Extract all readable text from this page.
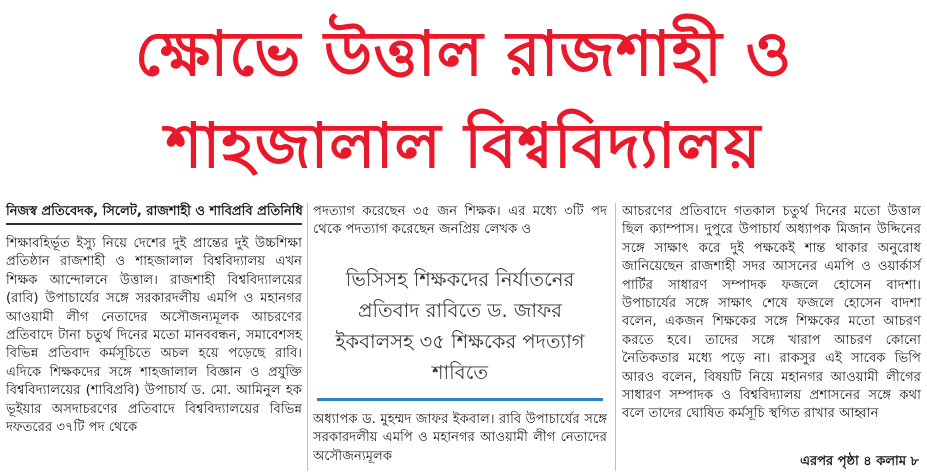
ক্ষোভে উত্তাল রাজশাহী ও
শাহজালাল বিশ্ববিদ্যালয়
নিজস্ব প্রতিবেদক, সিলেট, রাজশাহী ও শাবিপ্রবি প্রতিনিধি

শিক্ষাবহির্ভূত ইস্যু নিয়ে দেশের দুই প্রান্তের দুই উচ্চশিক্ষা প্রতিষ্ঠান রাজশাহী ও শাহজালাল বিশ্ববিদ্যালয় এখন শিক্ষক আন্দোলনে উত্তাল। রাজশাহী বিশ্ববিদ্যালয়ের (রাবি) উপাচার্যের সঙ্গে সরকারদলীয় এমপি ও মহানগর আওয়ামী লীগ নেতাদের অসৌজন্যমূলক আচরণের প্রতিবাদে টানা চতুর্থ দিনের মতো মানববন্ধন, সমাবেশসহ বিভিন্ন প্রতিবাদ কর্মসূচিতে অচল হয়ে পড়েছে রাবি। এদিকে শিক্ষকদের সঙ্গে শাহজালাল বিজ্ঞান ও প্রযুক্তি বিশ্ববিদ্যালয়ের (শাবিপ্রবি) উপাচার্য ড. মো. আমিনুল হক ভূইয়ার অসদাচরণের প্রতিবাদে বিশ্ববিদ্যালয়ের বিভিন্ন দফতরের ৩৭টি পদ থেকে

পদত্যাগ করেছেন ৩৫ জন শিক্ষক। এর মধ্যে ৩টি পদ থেকে পদত্যাগ করেছেন জনপ্রিয় লেখক ও

ভিসিসহ শিক্ষকদের নির্যাতনের প্রতিবাদ রাবিতে ড. জাফর ইকবালসহ ৩৫ শিক্ষকের পদত্যাগ শাবিতে

অধ্যাপক ড. মুহম্মদ জাফর ইকবাল। রাবি উপাচার্যের সঙ্গে সরকারদলীয় এমপি ও মহানগর আওয়ামী লীগ নেতাদের অসৌজন্যমূলক

আচরণের প্রতিবাদে গতকাল চতুর্থ দিনের মতো উত্তাল ছিল ক্যাম্পাস। দুপুরে উপাচার্য অধ্যাপক মিজান উদ্দিনের সঙ্গে সাক্ষাৎ করে দুই পক্ষকেই শান্ত থাকার অনুরোধ জানিয়েছেন রাজশাহী সদর আসনের এমপি ও ওয়ার্কার্স পার্টির সাধারণ সম্পাদক ফজলে হোসেন বাদশা। উপাচার্যের সঙ্গে সাক্ষাৎ শেষে ফজলে হোসেন বাদশা বলেন, একজন শিক্ষকের সঙ্গে শিক্ষকের মতো আচরণ করতে হবে। তাদের সঙ্গে খারাপ আচরণ কোনো নৈতিকতার মধ্যে পড়ে না। রাকসুর এই সাবেক ভিপি আরও বলেন, বিষয়টি নিয়ে মহানগর আওয়ামী লীগের সাধারণ সম্পাদক ও বিশ্ববিদ্যালয় প্রশাসনের সঙ্গে কথা বলে তাদের ঘোষিত কর্মসূচি স্থগিত রাখার আহ্বান

এরপর পৃষ্ঠা ৪ কলাম ৮
